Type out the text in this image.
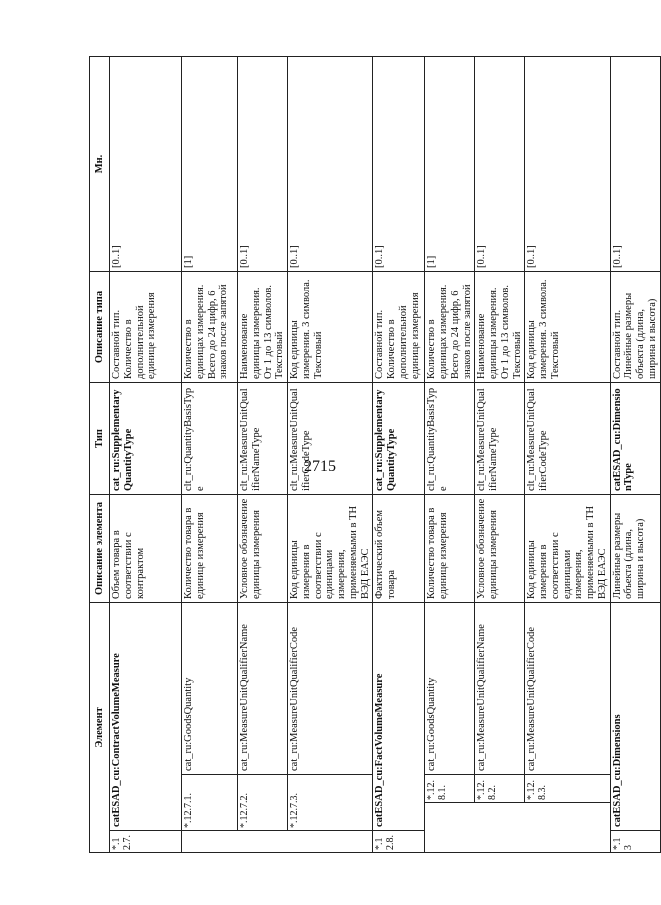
2715
Элемент				Описание элемента	Тип	Описание типа	Мн.
*.12.7.	catESAD_cu:ContractVolumeMeasure			Объем товара в соответствии с контрактом	cat_ru:SupplementaryQuantityType	Составной тип. Количество в дополнительной единице измерения	[0..1]
	*.12.7.1.		cat_ru:GoodsQuantity	Количество товара в единице измерения	clt_ru:QuantityBasisType	Количество в единицах измерения. Всего до 24 цифр, 6 знаков после запятой	[1]
	*.12.7.2.		cat_ru:MeasureUnitQualifierName	Условное обозначение единицы измерения	clt_ru:MeasureUnitQualifierNameType	Наименование единицы измерения. От 1 до 13 символов. Текстовый	[0..1]
	*.12.7.3.		cat_ru:MeasureUnitQualifierCode	Код единицы измерения в соответствии с единицами измерения, применяемыми в ТН ВЭД ЕАЭС	clt_ru:MeasureUnitQualifierCodeType	Код единицы измерения. 3 символа. Текстовый	[0..1]
*.12.8.	catESAD_cu:FactVolumeMeasure			Фактический объем товара	cat_ru:SupplementaryQuantityType	Составной тип. Количество в дополнительной единице измерения	[0..1]
		*.12.8.1.	cat_ru:GoodsQuantity	Количество товара в единице измерения	clt_ru:QuantityBasisType	Количество в единицах измерения. Всего до 24 цифр, 6 знаков после запятой	[1]
		*.12.8.2.	cat_ru:MeasureUnitQualifierName	Условное обозначение единицы измерения	clt_ru:MeasureUnitQualifierNameType	Наименование единицы измерения. От 1 до 13 символов. Текстовый	[0..1]
		*.12.8.3.	cat_ru:MeasureUnitQualifierCode	Код единицы измерения в соответствии с единицами измерения, применяемыми в ТН ВЭД ЕАЭС	clt_ru:MeasureUnitQualifierCodeType	Код единицы измерения. 3 символа. Текстовый	[0..1]
*.13	catESAD_cu:Dimensions			Линейные размеры объекта (длина, ширина и высота)	catESAD_cu:DimensionType	Составной тип. Линейные размеры объекта (длина, ширина и высота)	[0..1]
